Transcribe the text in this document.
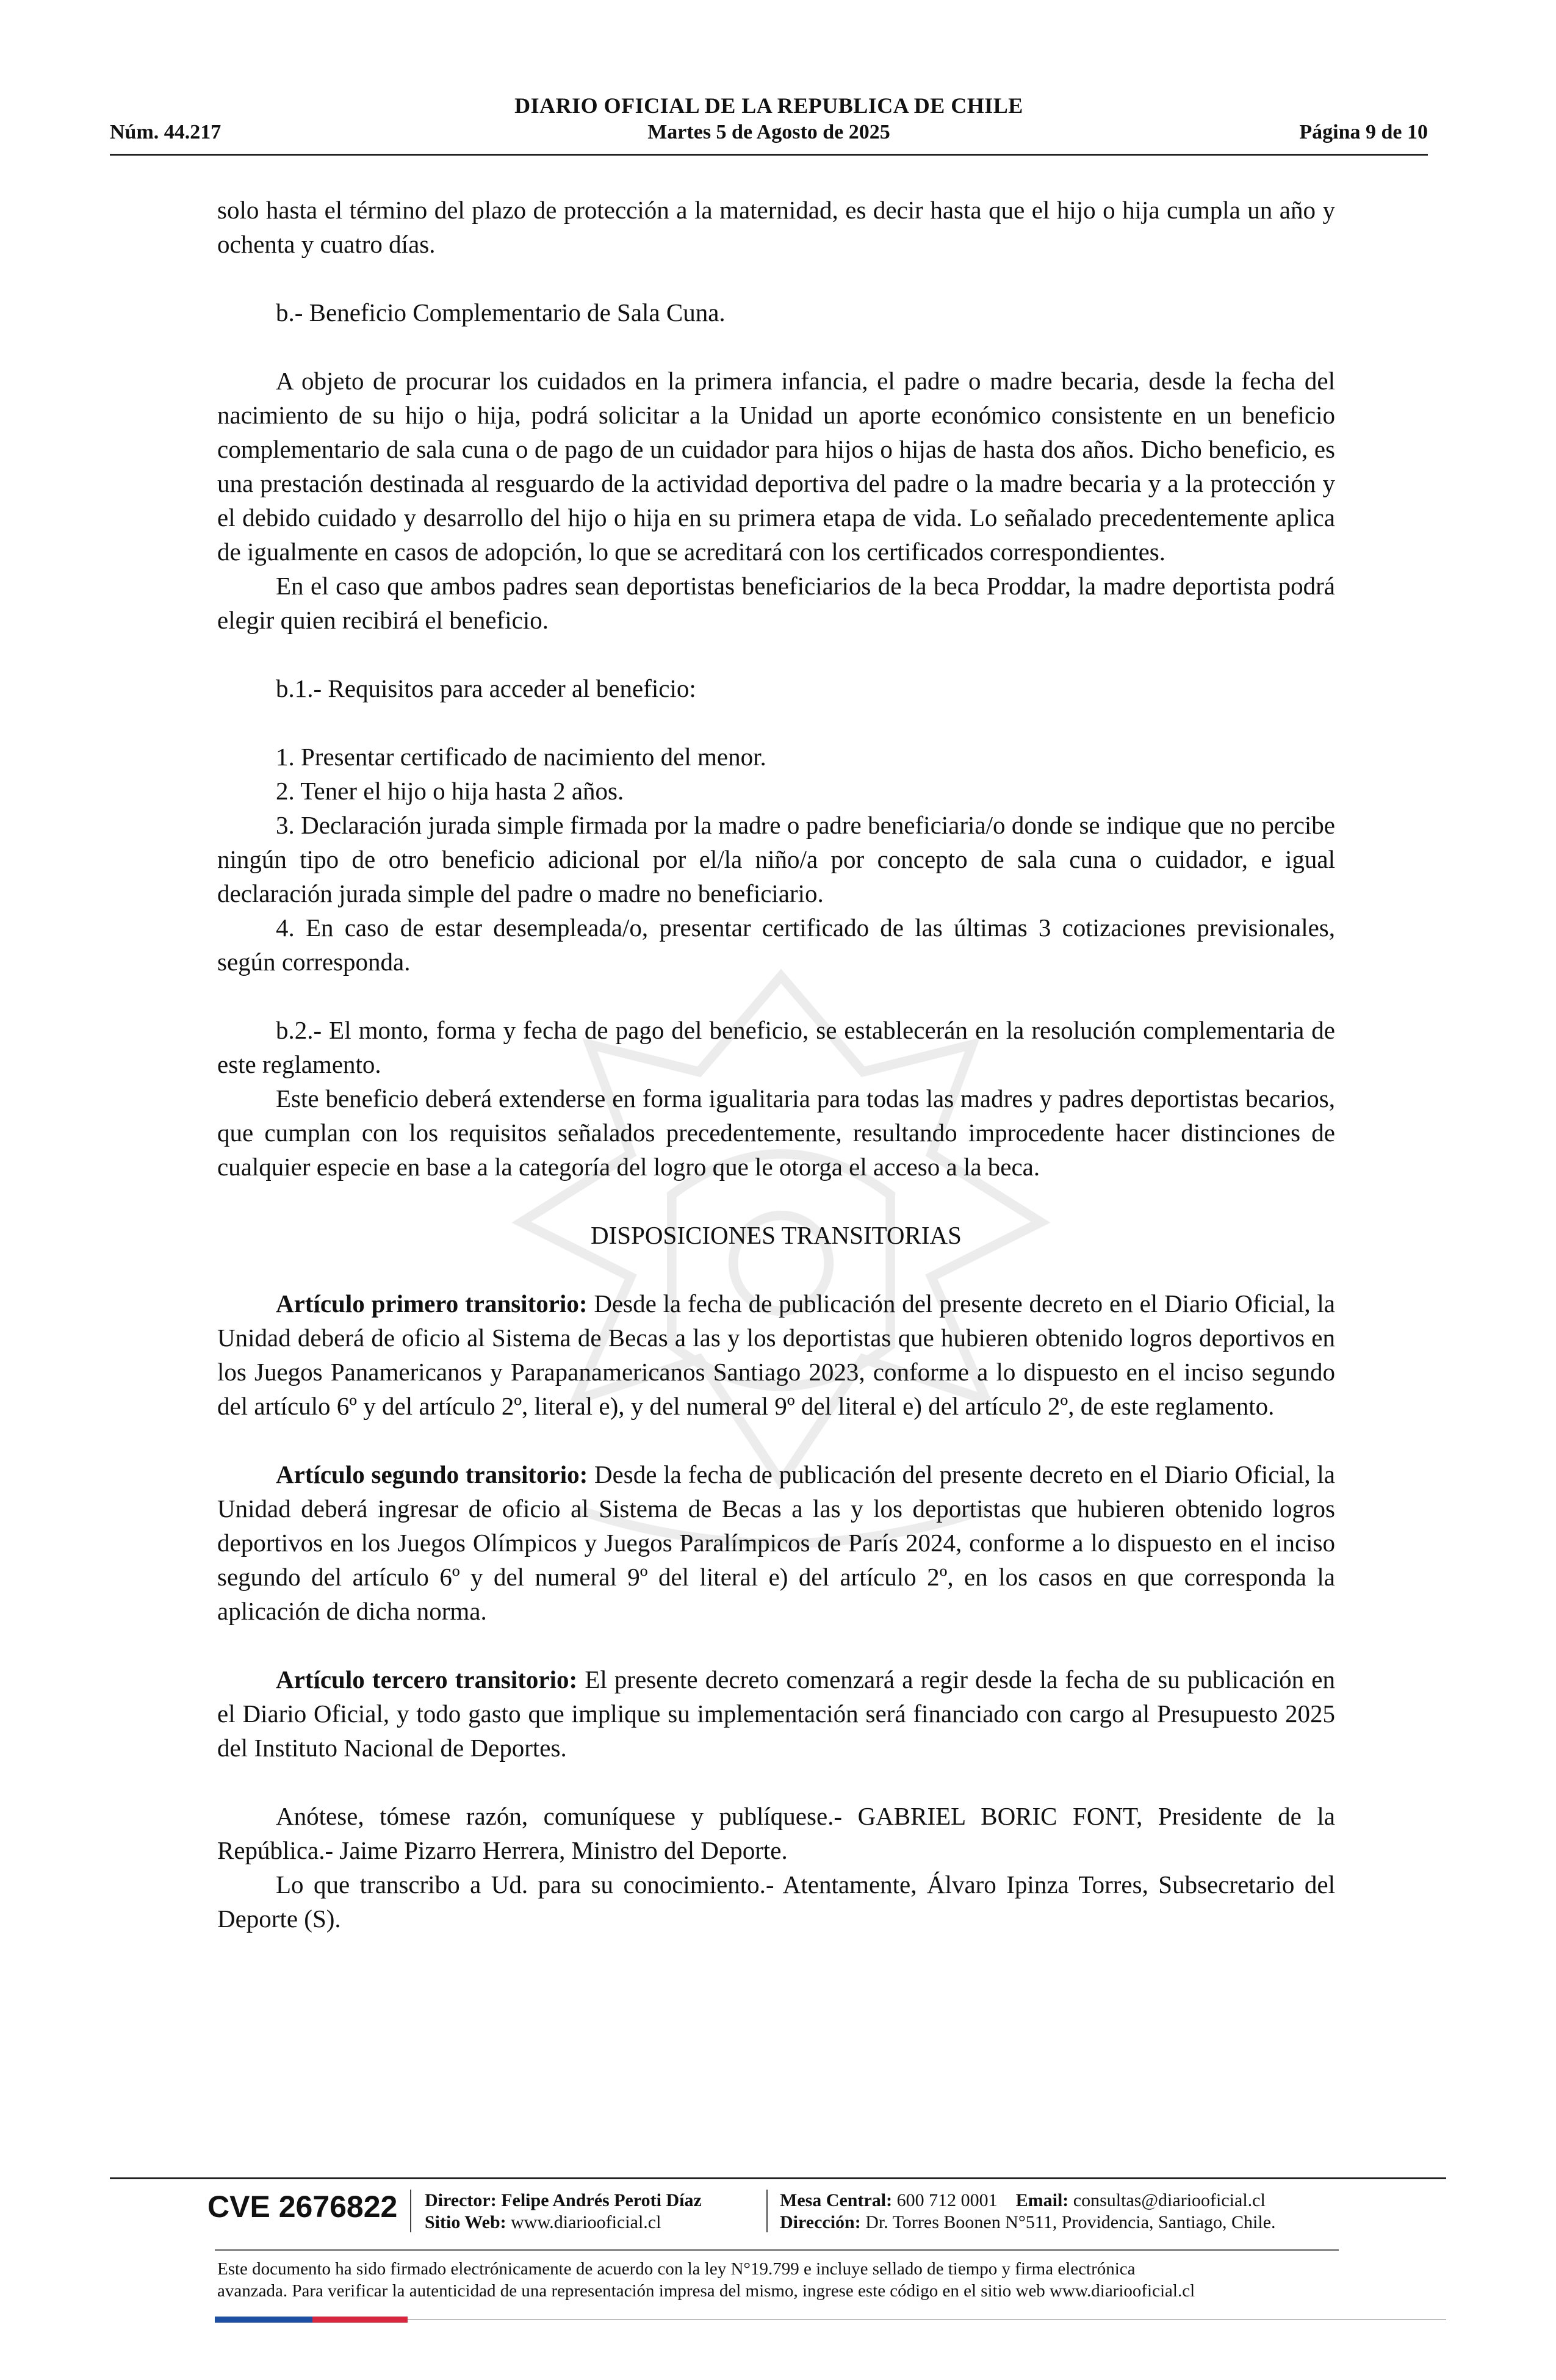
DIARIO OFICIAL DE LA REPUBLICA DE CHILE
Núm. 44.217	Martes 5 de Agosto de 2025	Página 9 de 10

solo hasta el término del plazo de protección a la maternidad, es decir hasta que el hijo o hija cumpla un año y ochenta y cuatro días.

b.- Beneficio Complementario de Sala Cuna.

A objeto de procurar los cuidados en la primera infancia, el padre o madre becaria, desde la fecha del nacimiento de su hijo o hija, podrá solicitar a la Unidad un aporte económico consistente en un beneficio complementario de sala cuna o de pago de un cuidador para hijos o hijas de hasta dos años. Dicho beneficio, es una prestación destinada al resguardo de la actividad deportiva del padre o la madre becaria y a la protección y el debido cuidado y desarrollo del hijo o hija en su primera etapa de vida. Lo señalado precedentemente aplica de igualmente en casos de adopción, lo que se acreditará con los certificados correspondientes.

En el caso que ambos padres sean deportistas beneficiarios de la beca Proddar, la madre deportista podrá elegir quien recibirá el beneficio.

b.1.- Requisitos para acceder al beneficio:

1. Presentar certificado de nacimiento del menor.

2. Tener el hijo o hija hasta 2 años.

3. Declaración jurada simple firmada por la madre o padre beneficiaria/o donde se indique que no percibe ningún tipo de otro beneficio adicional por el/la niño/a por concepto de sala cuna o cuidador, e igual declaración jurada simple del padre o madre no beneficiario.

4. En caso de estar desempleada/o, presentar certificado de las últimas 3 cotizaciones previsionales, según corresponda.

b.2.- El monto, forma y fecha de pago del beneficio, se establecerán en la resolución complementaria de este reglamento.

Este beneficio deberá extenderse en forma igualitaria para todas las madres y padres deportistas becarios, que cumplan con los requisitos señalados precedentemente, resultando improcedente hacer distinciones de cualquier especie en base a la categoría del logro que le otorga el acceso a la beca.

DISPOSICIONES TRANSITORIAS

Artículo primero transitorio: Desde la fecha de publicación del presente decreto en el Diario Oficial, la Unidad deberá de oficio al Sistema de Becas a las y los deportistas que hubieren obtenido logros deportivos en los Juegos Panamericanos y Parapanamericanos Santiago 2023, conforme a lo dispuesto en el inciso segundo del artículo 6º y del artículo 2º, literal e), y del numeral 9º del literal e) del artículo 2º, de este reglamento.

Artículo segundo transitorio: Desde la fecha de publicación del presente decreto en el Diario Oficial, la Unidad deberá ingresar de oficio al Sistema de Becas a las y los deportistas que hubieren obtenido logros deportivos en los Juegos Olímpicos y Juegos Paralímpicos de París 2024, conforme a lo dispuesto en el inciso segundo del artículo 6º y del numeral 9º del literal e) del artículo 2º, en los casos en que corresponda la aplicación de dicha norma.

Artículo tercero transitorio: El presente decreto comenzará a regir desde la fecha de su publicación en el Diario Oficial, y todo gasto que implique su implementación será financiado con cargo al Presupuesto 2025 del Instituto Nacional de Deportes.

Anótese, tómese razón, comuníquese y publíquese.- GABRIEL BORIC FONT, Presidente de la República.- Jaime Pizarro Herrera, Ministro del Deporte.

Lo que transcribo a Ud. para su conocimiento.- Atentamente, Álvaro Ipinza Torres, Subsecretario del Deporte (S).

CVE 2676822 Director: Felipe Andrés Peroti Díaz
Sitio Web: www.diariooficial.cl
Mesa Central: 600 712 0001 Email: consultas@diariooficial.cl
Dirección: Dr. Torres Boonen N°511, Providencia, Santiago, Chile.
Este documento ha sido firmado electrónicamente de acuerdo con la ley N°19.799 e incluye sellado de tiempo y firma electrónica
avanzada. Para verificar la autenticidad de una representación impresa del mismo, ingrese este código en el sitio web www.diariooficial.cl
